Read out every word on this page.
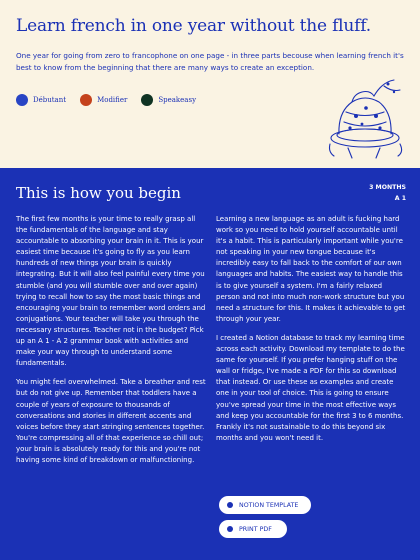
Learn french in one year without the fluff.

One year for going from zero to francophone on one page - in three parts becouse when learning french it's best to know from the beginning that there are many ways to create an exception.

Débutant	Modifier	Speakeasy
This is how you begin	3 MONTHS
A 1

The first few months is your time to really grasp all the fundamentals of the language and stay accountable to absorbing your brain in it. This is your easiest time because it's going to fly as you learn hundreds of new things your brain is quickly integrating. But it will also feel painful every time you stumble (and you will stumble over and over again) trying to recall how to say the most basic things and encouraging your brain to remember word orders and conjugations. Your teacher will take you through the necessary structures. Teacher not in the budget? Pick up an A 1 - A 2 grammar book with activities and make your way through to understand some fundamentals.

You might feel overwhelmed. Take a breather and rest but do not give up. Remember that toddlers have a couple of years of exposure to thousands of conversations and stories in different accents and voices before they start stringing sentences together. You're compressing all of that experience so chill out; your brain is absolutely ready for this and you're not having some kind of breakdown or malfunctioning.

Learning a new language as an adult is fucking hard work so you need to hold yourself accountable until it's a habit. This is particularly important while you're not speaking in your new tongue because it's incredibly easy to fall back to the comfort of our own languages and habits. The easiest way to handle this is to give yourself a system. I'm a fairly relaxed person and not into much non-work structure but you need a structure for this. It makes it achievable to get through your year.

I created a Notion database to track my learning time across each activity. Download my template to do the same for yourself. If you prefer hanging stuff on the wall or fridge, I've made a PDF for this so download that instead. Or use these as examples and create one in your tool of choice. This is going to ensure you've spread your time in the most effective ways and keep you accountable for the first 3 to 6 months. Frankly it's not sustainable to do this beyond six months and you won't need it.

NOTION TEMPLATE
PRINT PDF
